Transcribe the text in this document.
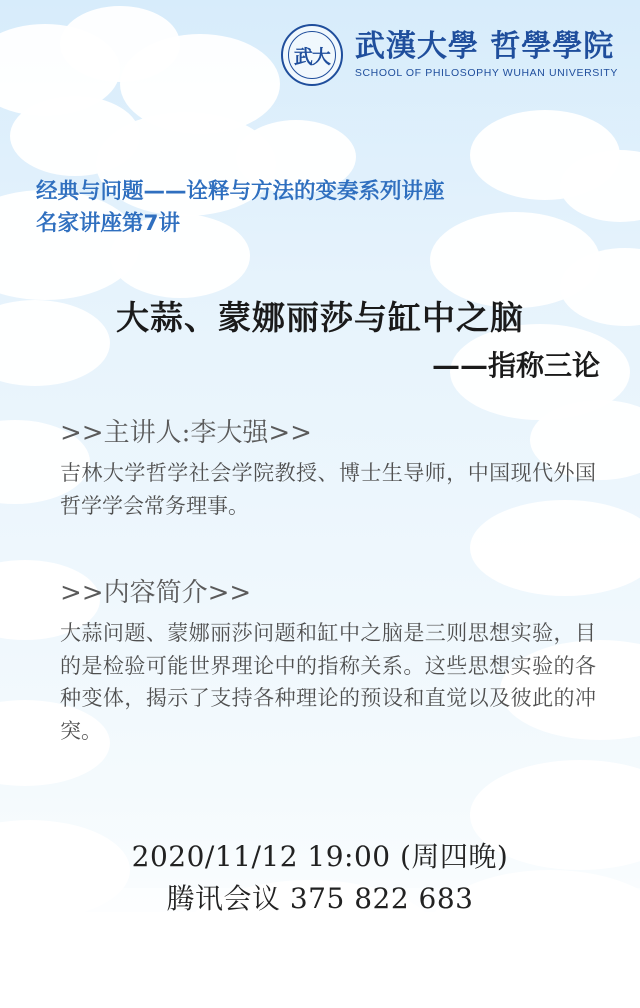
武大 武漢大學 哲學學院
SCHOOL OF PHILOSOPHY WUHAN UNIVERSITY
经典与问题——诠释与方法的变奏系列讲座
名家讲座第7讲
大蒜、蒙娜丽莎与缸中之脑
——指称三论
>>主讲人:李大强>>
吉林大学哲学社会学院教授、博士生导师，中国现代外国哲学学会常务理事。
>>内容简介>>
大蒜问题、蒙娜丽莎问题和缸中之脑是三则思想实验，目的是检验可能世界理论中的指称关系。这些思想实验的各种变体，揭示了支持各种理论的预设和直觉以及彼此的冲突。
2020/11/12 19:00 (周四晚)
腾讯会议 375 822 683
